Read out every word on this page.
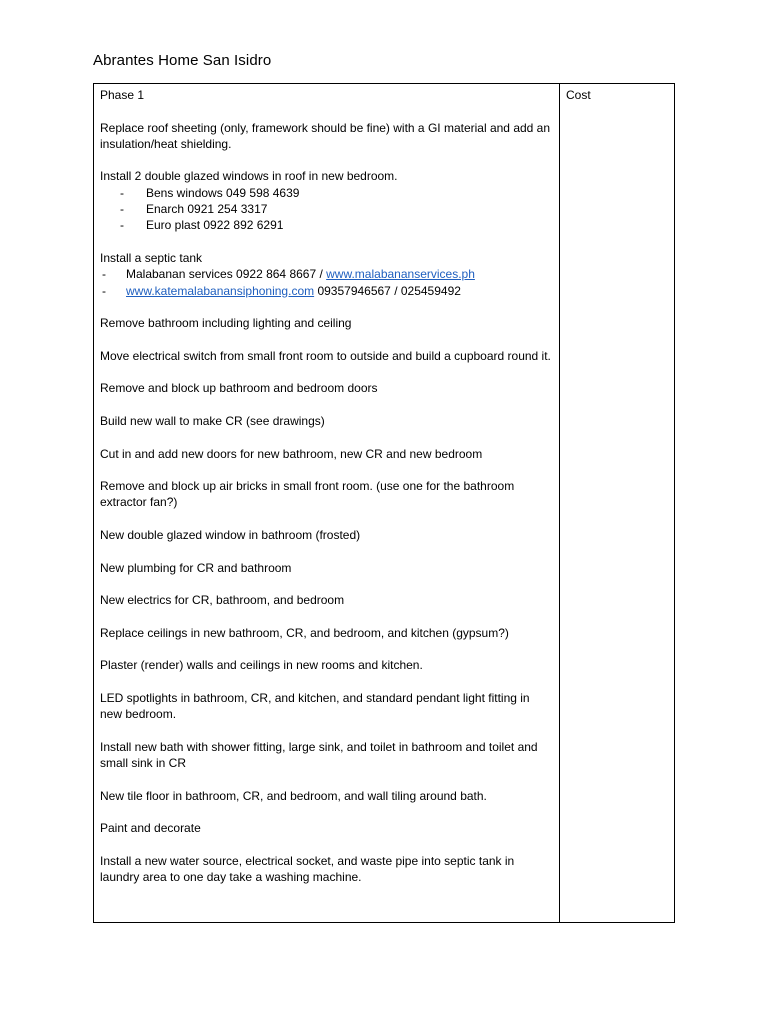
Abrantes Home San Isidro
Phase 1
Replace roof sheeting (only, framework should be fine) with a GI material and add an insulation/heat shielding.
Install 2 double glazed windows in roof in new bedroom.
- Bens windows 049 598 4639
- Enarch 0921 254 3317
- Euro plast 0922 892 6291
Install a septic tank
- Malabanan services 0922 864 8667 / www.malabananservices.ph
- www.katemalabanansiphoning.com 09357946567 / 025459492
Remove bathroom including lighting and ceiling
Move electrical switch from small front room to outside and build a cupboard round it.
Remove and block up bathroom and bedroom doors
Build new wall to make CR (see drawings)
Cut in and add new doors for new bathroom, new CR and new bedroom
Remove and block up air bricks in small front room. (use one for the bathroom extractor fan?)
New double glazed window in bathroom (frosted)
New plumbing for CR and bathroom
New electrics for CR, bathroom, and bedroom
Replace ceilings in new bathroom, CR, and bedroom, and kitchen (gypsum?)
Plaster (render) walls and ceilings in new rooms and kitchen.
LED spotlights in bathroom, CR, and kitchen, and standard pendant light fitting in new bedroom.
Install new bath with shower fitting, large sink, and toilet in bathroom and toilet and small sink in CR
New tile floor in bathroom, CR, and bedroom, and wall tiling around bath.
Paint and decorate
Install a new water source, electrical socket, and waste pipe into septic tank in laundry area to one day take a washing machine.
Cost
